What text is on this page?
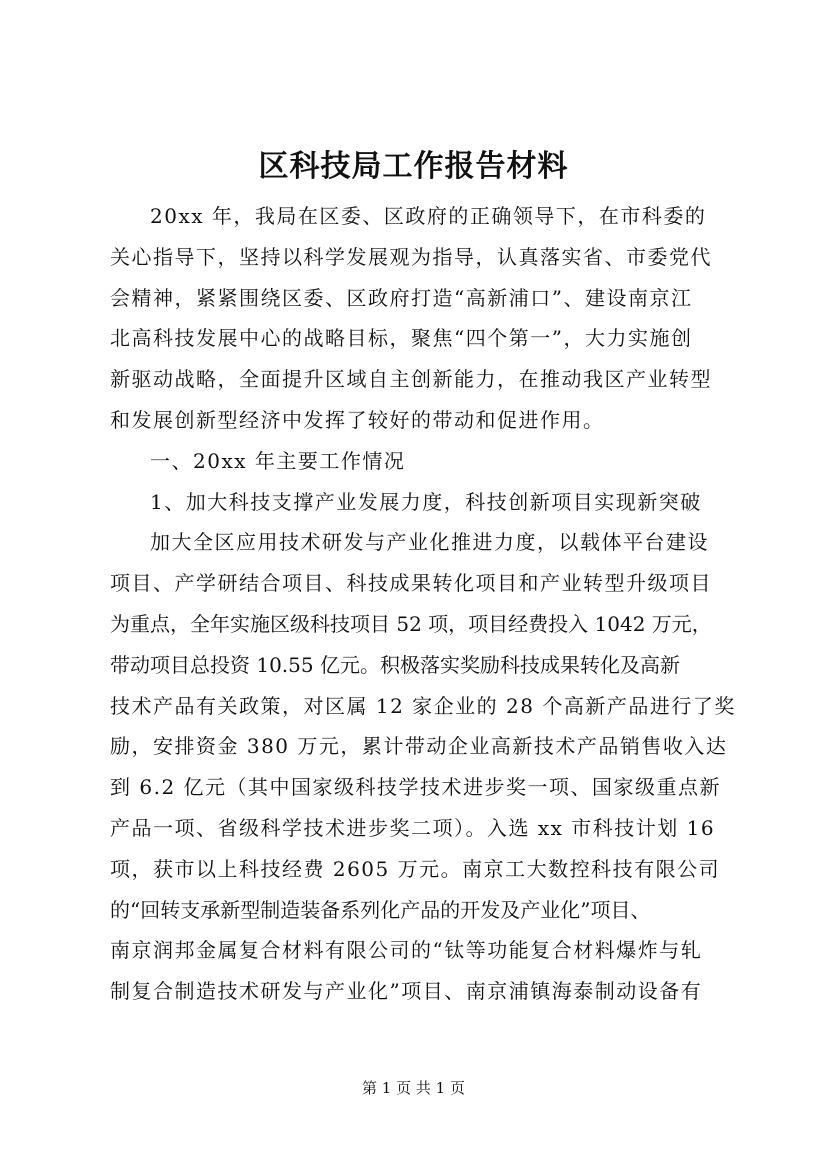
区科技局工作报告材料
20xx 年，我局在区委、区政府的正确领导下，在市科委的
关心指导下，坚持以科学发展观为指导，认真落实省、市委党代
会精神，紧紧围绕区委、区政府打造“高新浦口”、建设南京江
北高科技发展中心的战略目标，聚焦“四个第一”，大力实施创
新驱动战略，全面提升区域自主创新能力，在推动我区产业转型
和发展创新型经济中发挥了较好的带动和促进作用。
一、20xx 年主要工作情况
1、加大科技支撑产业发展力度，科技创新项目实现新突破
加大全区应用技术研发与产业化推进力度，以载体平台建设
项目、产学研结合项目、科技成果转化项目和产业转型升级项目
为重点，全年实施区级科技项目 52 项，项目经费投入 1042 万元，
带动项目总投资 10.55 亿元。积极落实奖励科技成果转化及高新
技术产品有关政策，对区属 12 家企业的 28 个高新产品进行了奖
励，安排资金 380 万元，累计带动企业高新技术产品销售收入达
到 6.2 亿元（其中国家级科技学技术进步奖一项、国家级重点新
产品一项、省级科学技术进步奖二项）。入选 xx 市科技计划 16
项，获市以上科技经费 2605 万元。南京工大数控科技有限公司
的“回转支承新型制造装备系列化产品的开发及产业化”项目、
南京润邦金属复合材料有限公司的“钛等功能复合材料爆炸与轧
制复合制造技术研发与产业化”项目、南京浦镇海泰制动设备有
第 1 页 共 1 页
